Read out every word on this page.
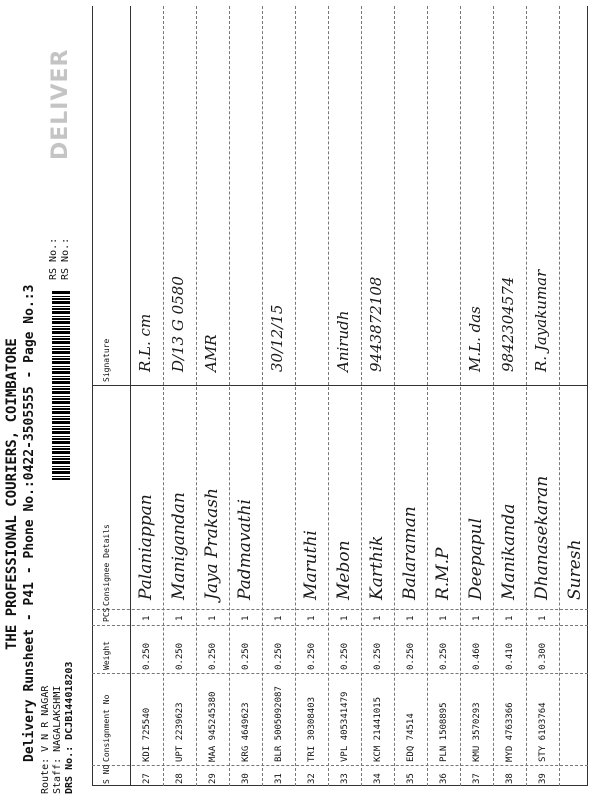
THE PROFESSIONAL COURIERS, COIMBATORE Delivery Runsheet - P41 - Phone No.:0422-3505555 - Page No.:3 Route: V N R NAGAR Staff: NAGALAKSHMI DRS No.: DCJB144018203
RS No.: RS No.:
DELIVER
S NO
Consignment No
Weight
PCS
Consignee Details
Signature
27
KDI 725540
0.250
1
Palaniappan
R.L. cm
28
UPT 2239623
0.250
1
Manigandan
D/13 G 0580
29
MAA 945245380
0.250
1
Jaya Prakash
AMR
30
KRG 4649623
0.250
1
Padmavathi
31
BLR 5005092087
0.250
1
30/12/15
32
TRI 30308403
0.250
1
Maruthi
33
VPL 405341479
0.250
1
Mebon
Anirudh
34
KCM 21441015
0.250
1
Karthik
9443872108
35
EDQ 74514
0.250
1
Balaraman
36
PLN 1508895
0.250
1
R.M.P
37
KMU 3570293
0.460
1
Deepapul
M.L. das
38
MYD 4763366
0.410
1
Manikanda
9842304574
39
STY 6103764
0.300
1
Dhanasekaran
R. Jayakumar
Suresh
